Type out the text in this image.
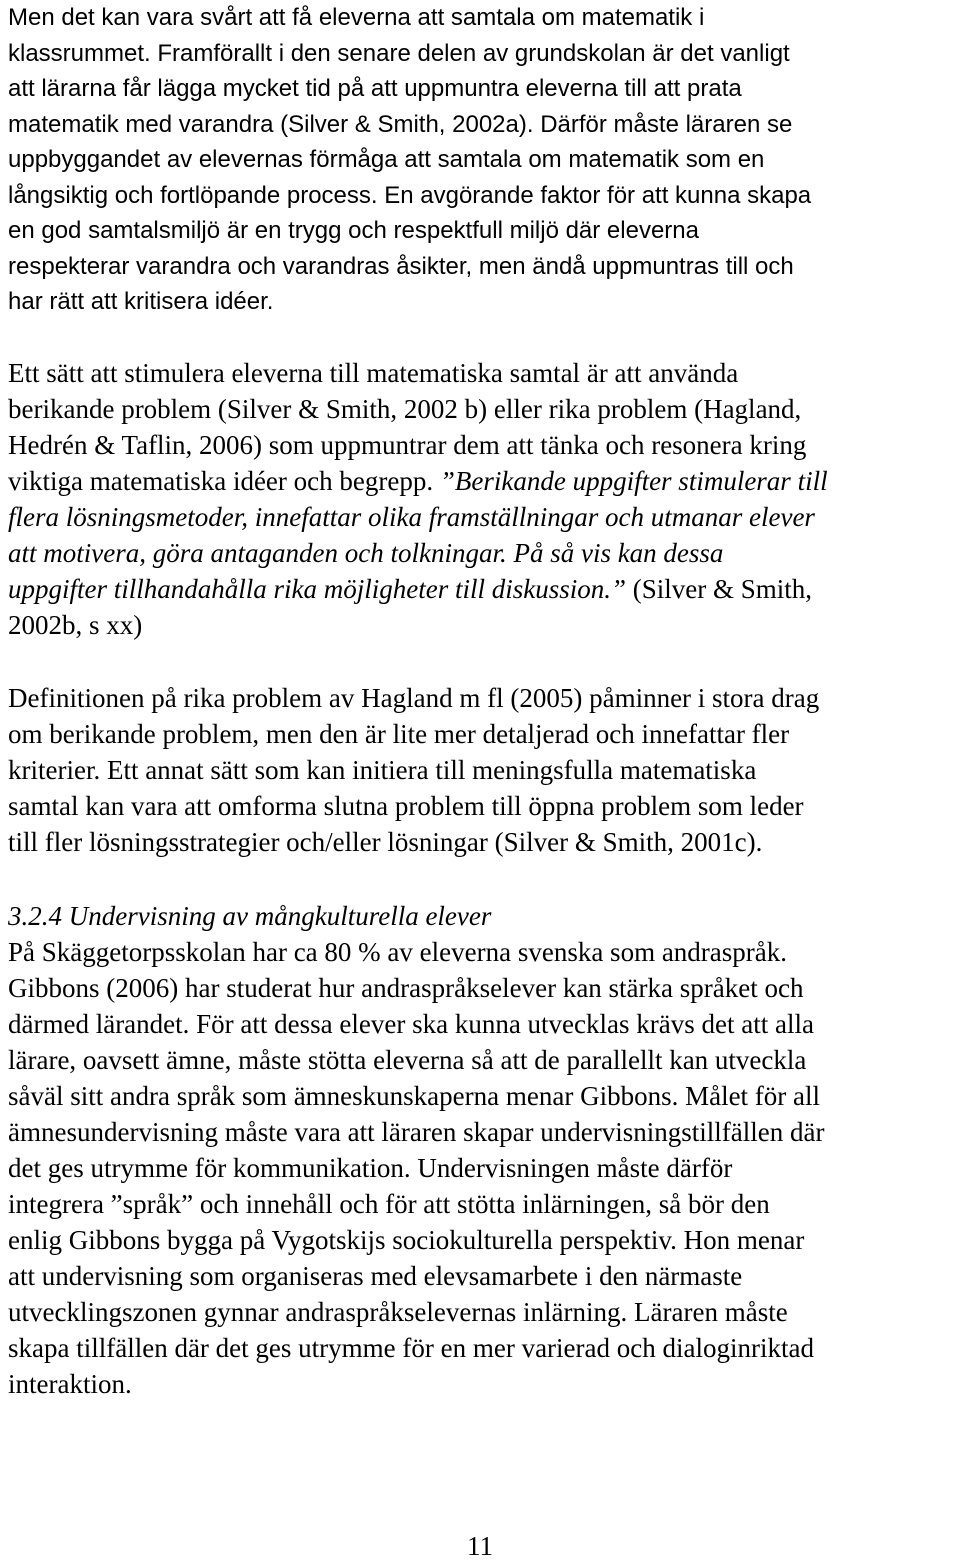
Men det kan vara svårt att få eleverna att samtala om matematik i
klassrummet. Framförallt i den senare delen av grundskolan är det vanligt
att lärarna får lägga mycket tid på att uppmuntra eleverna till att prata
matematik med varandra (Silver & Smith, 2002a). Därför måste läraren se
uppbyggandet av elevernas förmåga att samtala om matematik som en
långsiktig och fortlöpande process. En avgörande faktor för att kunna skapa
en god samtalsmiljö är en trygg och respektfull miljö där eleverna
respekterar varandra och varandras åsikter, men ändå uppmuntras till och
har rätt att kritisera idéer.
Ett sätt att stimulera eleverna till matematiska samtal är att använda
berikande problem (Silver & Smith, 2002 b) eller rika problem (Hagland,
Hedrén & Taflin, 2006) som uppmuntrar dem att tänka och resonera kring
viktiga matematiska idéer och begrepp. ”Berikande uppgifter stimulerar till
flera lösningsmetoder, innefattar olika framställningar och utmanar elever
att motivera, göra antaganden och tolkningar. På så vis kan dessa
uppgifter tillhandahålla rika möjligheter till diskussion.” (Silver & Smith,
2002b, s xx)
Definitionen på rika problem av Hagland m fl (2005) påminner i stora drag
om berikande problem, men den är lite mer detaljerad och innefattar fler
kriterier. Ett annat sätt som kan initiera till meningsfulla matematiska
samtal kan vara att omforma slutna problem till öppna problem som leder
till fler lösningsstrategier och/eller lösningar (Silver & Smith, 2001c).
3.2.4 Undervisning av mångkulturella elever
På Skäggetorpsskolan har ca 80 % av eleverna svenska som andraspråk.
Gibbons (2006) har studerat hur andraspråkselever kan stärka språket och
därmed lärandet. För att dessa elever ska kunna utvecklas krävs det att alla
lärare, oavsett ämne, måste stötta eleverna så att de parallellt kan utveckla
såväl sitt andra språk som ämneskunskaperna menar Gibbons. Målet för all
ämnesundervisning måste vara att läraren skapar undervisningstillfällen där
det ges utrymme för kommunikation. Undervisningen måste därför
integrera ”språk” och innehåll och för att stötta inlärningen, så bör den
enlig Gibbons bygga på Vygotskijs sociokulturella perspektiv. Hon menar
att undervisning som organiseras med elevsamarbete i den närmaste
utvecklingszonen gynnar andraspråkselevernas inlärning. Läraren måste
skapa tillfällen där det ges utrymme för en mer varierad och dialoginriktad
interaktion.
11
